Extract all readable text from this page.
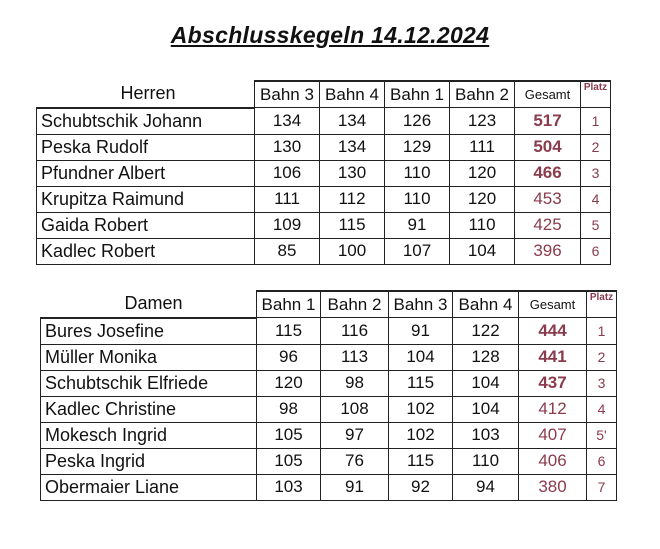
Abschlusskegeln 14.12.2024
Herren	Bahn 3	Bahn 4	Bahn 1	Bahn 2	Gesamt	Platz
Schubtschik Johann	134	134	126	123	517	1
Peska Rudolf	130	134	129	111	504	2
Pfundner Albert	106	130	110	120	466	3
Krupitza Raimund	111	112	110	120	453	4
Gaida Robert	109	115	91	110	425	5
Kadlec Robert	85	100	107	104	396	6
Damen	Bahn 1	Bahn 2	Bahn 3	Bahn 4	Gesamt	Platz
Bures Josefine	115	116	91	122	444	1
Müller Monika	96	113	104	128	441	2
Schubtschik Elfriede	120	98	115	104	437	3
Kadlec Christine	98	108	102	104	412	4
Mokesch Ingrid	105	97	102	103	407	5'
Peska Ingrid	105	76	115	110	406	6
Obermaier Liane	103	91	92	94	380	7
